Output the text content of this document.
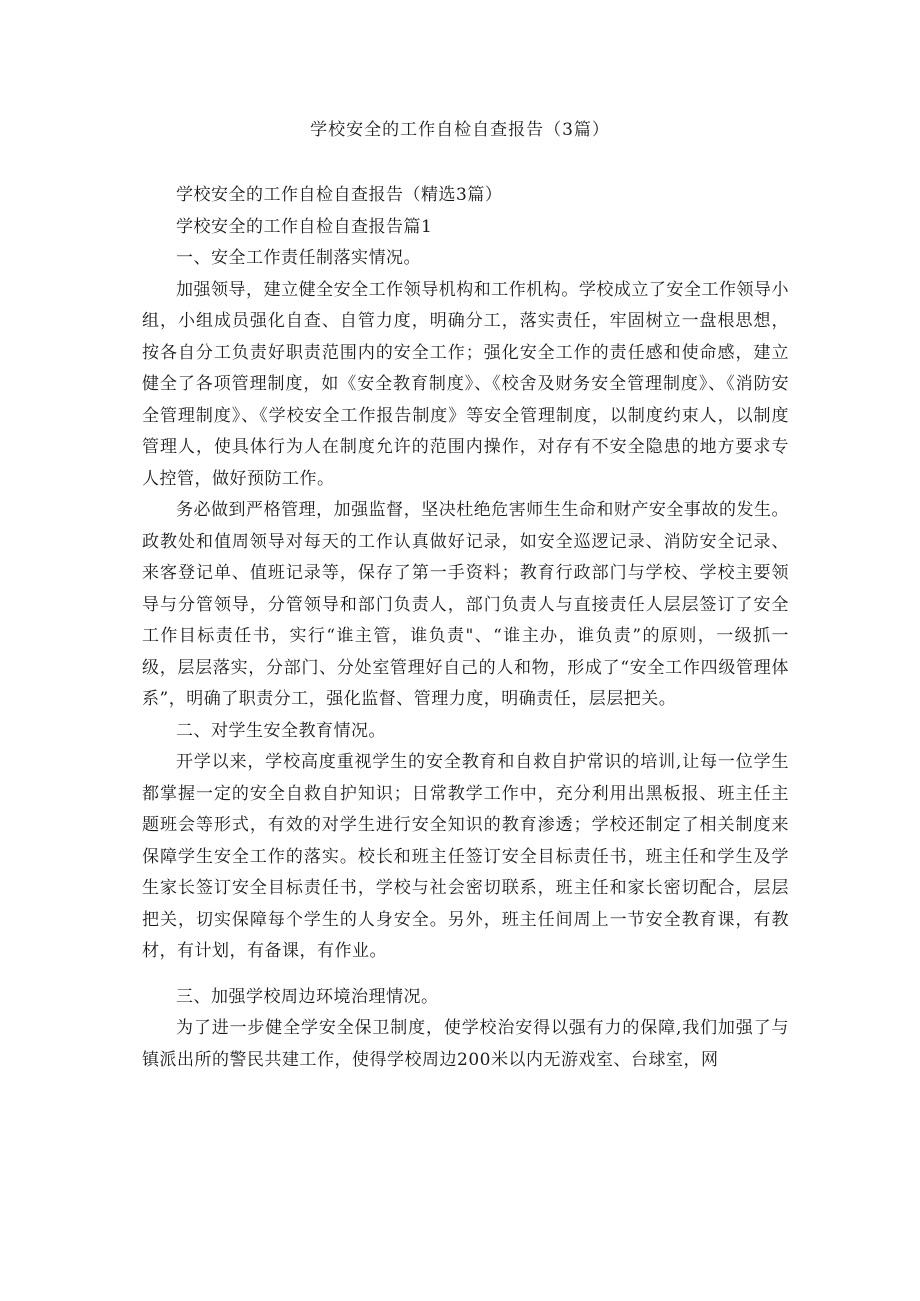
学校安全的工作自检自查报告（3篇）

学校安全的工作自检自查报告（精选3篇）

学校安全的工作自检自查报告篇1

一、安全工作责任制落实情况。

加强领导，建立健全安全工作领导机构和工作机构。学校成立了安全工作领导小组，小组成员强化自查、自管力度，明确分工，落实责任，牢固树立一盘根思想，按各自分工负责好职责范围内的安全工作；强化安全工作的责任感和使命感，建立健全了各项管理制度，如《安全教育制度》、《校舍及财务安全管理制度》、《消防安全管理制度》、《学校安全工作报告制度》等安全管理制度，以制度约束人，以制度管理人，使具体行为人在制度允许的范围内操作，对存有不安全隐患的地方要求专人控管，做好预防工作。

务必做到严格管理，加强监督，坚决杜绝危害师生生命和财产安全事故的发生。政教处和值周领导对每天的工作认真做好记录，如安全巡逻记录、消防安全记录、来客登记单、值班记录等，保存了第一手资料；教育行政部门与学校、学校主要领导与分管领导，分管领导和部门负责人，部门负责人与直接责任人层层签订了安全工作目标责任书，实行“谁主管，谁负责"、“谁主办，谁负责”的原则，一级抓一级，层层落实，分部门、分处室管理好自己的人和物，形成了“安全工作四级管理体系”，明确了职责分工，强化监督、管理力度，明确责任，层层把关。

二、对学生安全教育情况。

开学以来，学校高度重视学生的安全教育和自救自护常识的培训,让每一位学生都掌握一定的安全自救自护知识；日常教学工作中，充分利用出黑板报、班主任主题班会等形式，有效的对学生进行安全知识的教育渗透；学校还制定了相关制度来保障学生安全工作的落实。校长和班主任签订安全目标责任书，班主任和学生及学生家长签订安全目标责任书，学校与社会密切联系，班主任和家长密切配合，层层把关，切实保障每个学生的人身安全。另外，班主任间周上一节安全教育课，有教材，有计划，有备课，有作业。

三、加强学校周边环境治理情况。

为了进一步健全学安全保卫制度，使学校治安得以强有力的保障,我们加强了与镇派出所的警民共建工作，使得学校周边200米以内无游戏室、台球室，网
